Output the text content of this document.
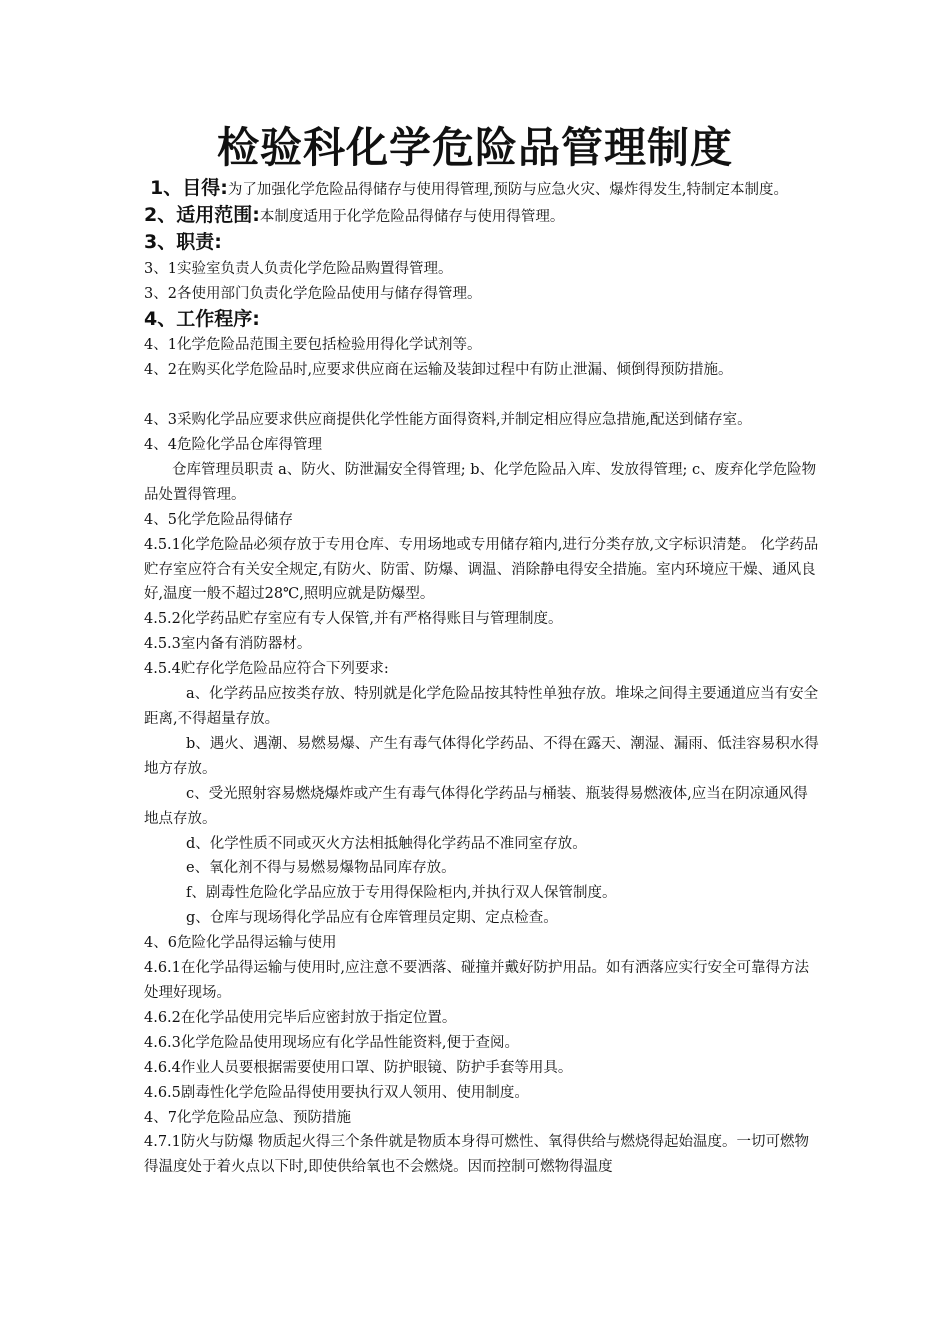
检验科化学危险品管理制度

1、目得:为了加强化学危险品得储存与使用得管理,预防与应急火灾、爆炸得发生,特制定本制度。

2、适用范围:本制度适用于化学危险品得储存与使用得管理。

3、职责:

3、1实验室负责人负责化学危险品购置得管理。

3、2各使用部门负责化学危险品使用与储存得管理。

4、工作程序:

4、1化学危险品范围主要包括检验用得化学试剂等。

4、2在购买化学危险品时,应要求供应商在运输及装卸过程中有防止泄漏、倾倒得预防措施。

4、3采购化学品应要求供应商提供化学性能方面得资料,并制定相应得应急措施,配送到储存室。

4、4危险化学品仓库得管理

仓库管理员职责 a、防火、防泄漏安全得管理; b、化学危险品入库、发放得管理; c、废弃化学危险物品处置得管理。

4、5化学危险品得储存

4.5.1化学危险品必须存放于专用仓库、专用场地或专用储存箱内,进行分类存放,文字标识清楚。 化学药品贮存室应符合有关安全规定,有防火、防雷、防爆、调温、消除静电得安全措施。室内环境应干燥、通风良好,温度一般不超过28℃,照明应就是防爆型。

4.5.2化学药品贮存室应有专人保管,并有严格得账目与管理制度。

4.5.3室内备有消防器材。

4.5.4贮存化学危险品应符合下列要求:

a、化学药品应按类存放、特别就是化学危险品按其特性单独存放。堆垛之间得主要通道应当有安全距离,不得超量存放。

b、遇火、遇潮、易燃易爆、产生有毒气体得化学药品、不得在露天、潮湿、漏雨、低洼容易积水得地方存放。

c、受光照射容易燃烧爆炸或产生有毒气体得化学药品与桶装、瓶装得易燃液体,应当在阴凉通风得地点存放。

d、化学性质不同或灭火方法相抵触得化学药品不准同室存放。

e、氧化剂不得与易燃易爆物品同库存放。

f、剧毒性危险化学品应放于专用得保险柜内,并执行双人保管制度。

g、仓库与现场得化学品应有仓库管理员定期、定点检查。

4、6危险化学品得运输与使用

4.6.1在化学品得运输与使用时,应注意不要洒落、碰撞并戴好防护用品。如有洒落应实行安全可靠得方法处理好现场。

4.6.2在化学品使用完毕后应密封放于指定位置。

4.6.3化学危险品使用现场应有化学品性能资料,便于查阅。

4.6.4作业人员要根据需要使用口罩、防护眼镜、防护手套等用具。

4.6.5剧毒性化学危险品得使用要执行双人领用、使用制度。

4、7化学危险品应急、预防措施

4.7.1防火与防爆 物质起火得三个条件就是物质本身得可燃性、氧得供给与燃烧得起始温度。一切可燃物得温度处于着火点以下时,即使供给氧也不会燃烧。因而控制可燃物得温度
